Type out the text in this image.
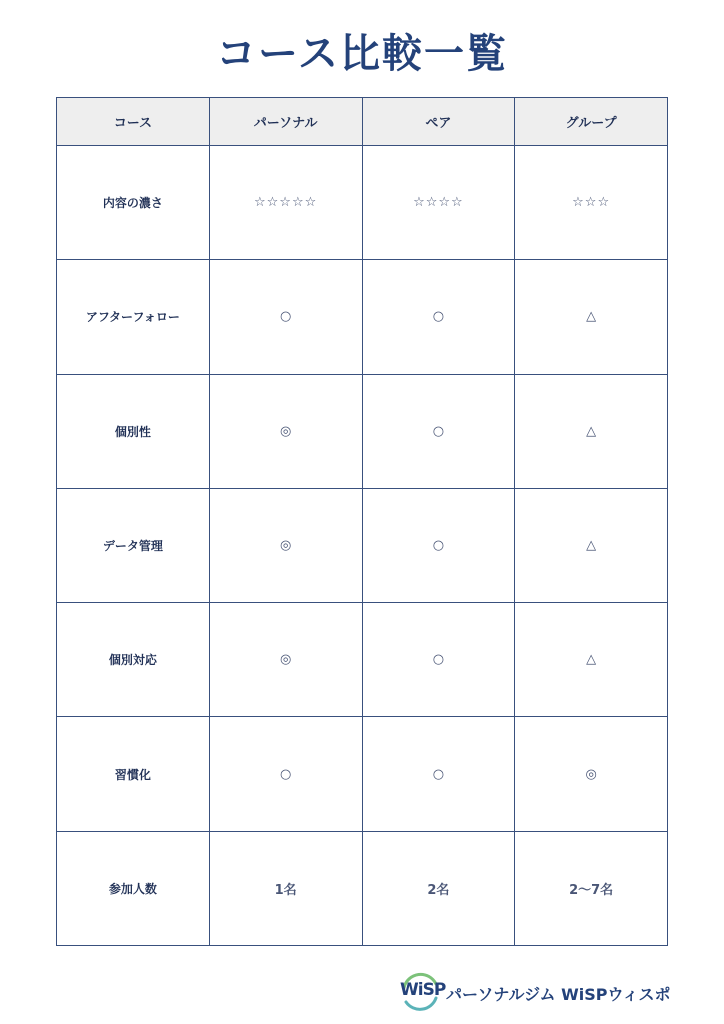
コース比較一覧
コース	パーソナル	ペア	グループ
内容の濃さ	☆☆☆☆☆	☆☆☆☆	☆☆☆
アフターフォロー	○	○	△
個別性	◎	○	△
データ管理	◎	○	△
個別対応	◎	○	△
習慣化	○	○	◎
参加人数	1名	2名	2〜7名
WiSP パーソナルジム WiSPウィスポ
